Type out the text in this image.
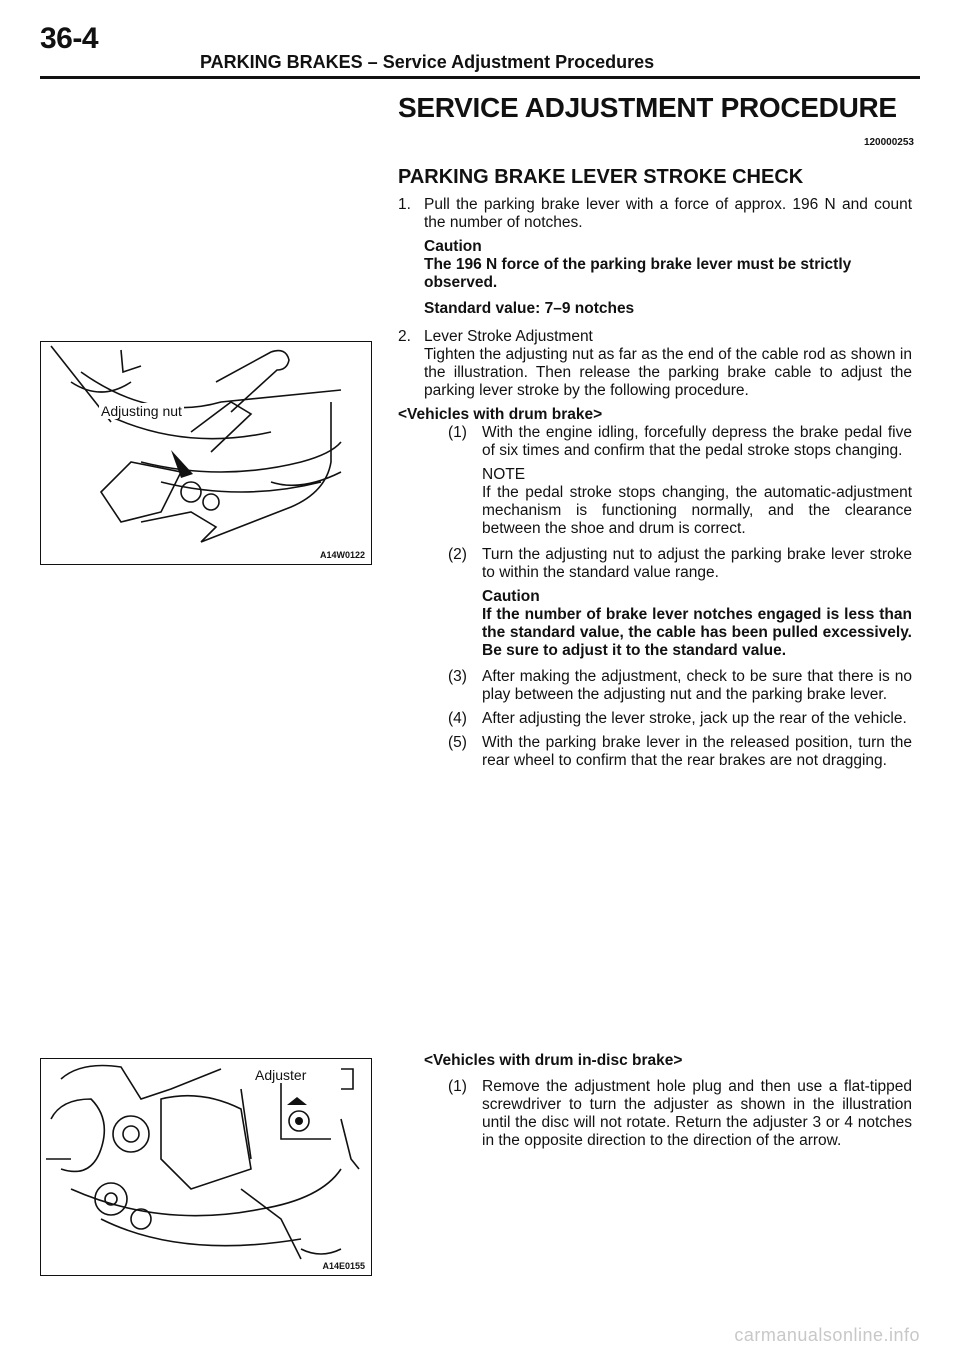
36-4
PARKING BRAKES – Service Adjustment Procedures
SERVICE ADJUSTMENT PROCEDURE
120000253
PARKING BRAKE LEVER STROKE CHECK
Adjusting nut
A14W0122
Adjuster
A14E0155
1. Pull the parking brake lever with a force of approx. 196 N and count the number of notches.

Caution

The 196 N force of the parking brake lever must be strictly observed.

Standard value: 7–9 notches

2. Lever Stroke Adjustment
Tighten the adjusting nut as far as the end of the cable rod as shown in the illustration. Then release the parking brake cable to adjust the parking lever stroke by the following procedure.

<Vehicles with drum brake>

(1) With the engine idling, forcefully depress the brake pedal five of six times and confirm that the pedal stroke stops changing.

NOTE

If the pedal stroke stops changing, the automatic-adjustment mechanism is functioning normally, and the clearance between the shoe and drum is correct.

(2) Turn the adjusting nut to adjust the parking brake lever stroke to within the standard value range.

Caution

If the number of brake lever notches engaged is less than the standard value, the cable has been pulled excessively. Be sure to adjust it to the standard value.

(3) After making the adjustment, check to be sure that there is no play between the adjusting nut and the parking brake lever.
(4) After adjusting the lever stroke, jack up the rear of the vehicle.
(5) With the parking brake lever in the released position, turn the rear wheel to confirm that the rear brakes are not dragging.

<Vehicles with drum in-disc brake>

(1) Remove the adjustment hole plug and then use a flat-tipped screwdriver to turn the adjuster as shown in the illustration until the disc will not rotate. Return the adjuster 3 or 4 notches in the opposite direction to the direction of the arrow.
carmanualsonline.info
